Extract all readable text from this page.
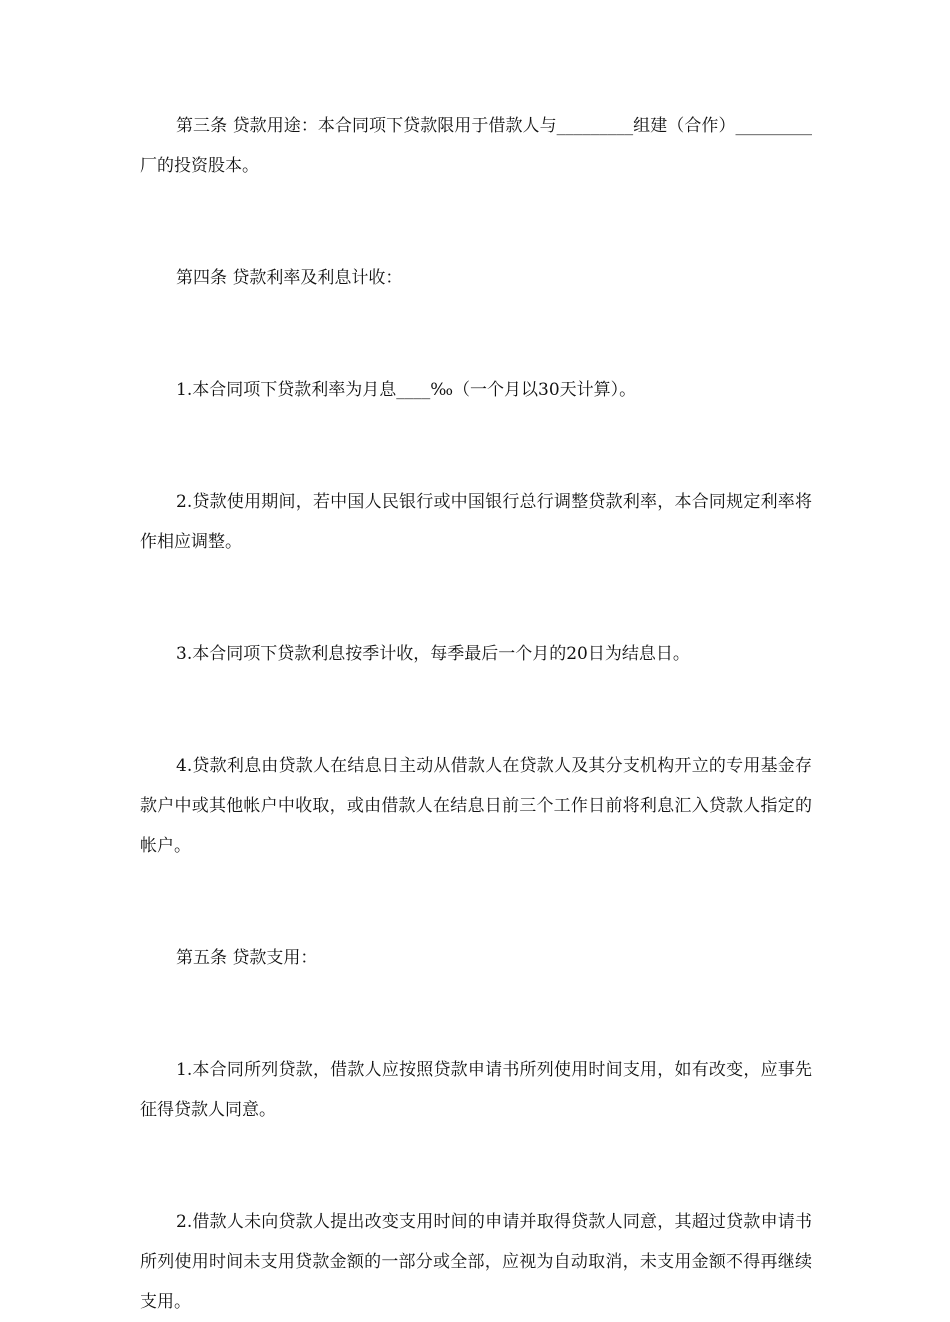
第三条 贷款用途：本合同项下贷款限用于借款人与_________组建（合作）_________厂的投资股本。

第四条 贷款利率及利息计收：

1.本合同项下贷款利率为月息____‰（一个月以30天计算）。

2.贷款使用期间，若中国人民银行或中国银行总行调整贷款利率，本合同规定利率将作相应调整。

3.本合同项下贷款利息按季计收，每季最后一个月的20日为结息日。

4.贷款利息由贷款人在结息日主动从借款人在贷款人及其分支机构开立的专用基金存款户中或其他帐户中收取，或由借款人在结息日前三个工作日前将利息汇入贷款人指定的帐户。

第五条 贷款支用：

1.本合同所列贷款，借款人应按照贷款申请书所列使用时间支用，如有改变，应事先征得贷款人同意。

2.借款人未向贷款人提出改变支用时间的申请并取得贷款人同意，其超过贷款申请书所列使用时间未支用贷款金额的一部分或全部，应视为自动取消，未支用金额不得再继续支用。
